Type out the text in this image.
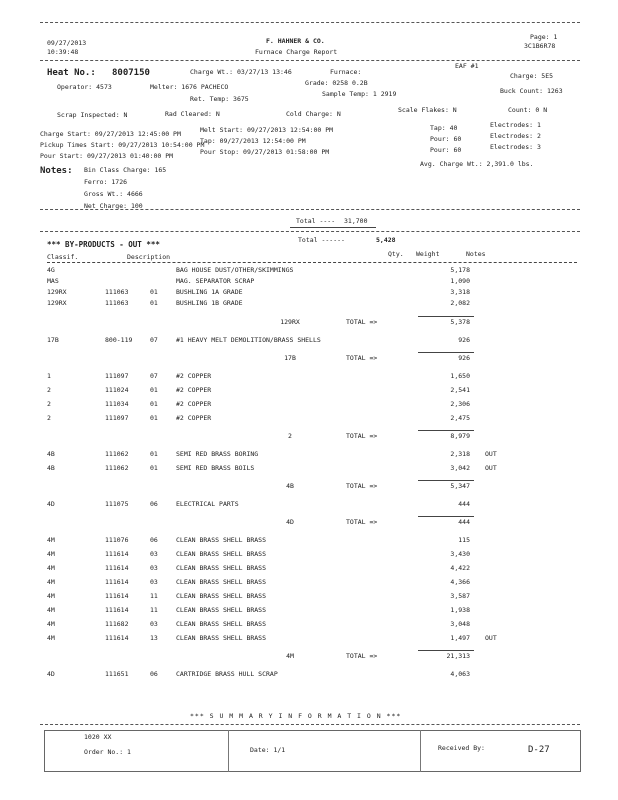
09/27/2013
10:39:48
F. HAHNER & CO.
Furnace Charge Report
Page: 1
3C1B6R78
Heat No.: 8007150	Charge Wt.: 03/27/13 13:46	Furnace:
EAF #1
Charge: 5E5
Operator: 4573	Melter: 1676 PACHECO	Grade: 0258 0.2B
Buck Count: 1263
Sample Temp: 1 2919
Ret. Temp: 3675
Scrap Inspected: N	Rad Cleared: N	Cold Charge: N	Scale Flakes: N	Count: 0 N
Charge Start: 09/27/2013 12:45:00 PM
Pickup Times Start: 09/27/2013 10:54:00 PM
Pour Start: 09/27/2013 01:40:00 PM
Melt Start: 09/27/2013 12:54:00 PM
Tap: 09/27/2013 12:54:00 PM
Pour Stop: 09/27/2013 01:58:00 PM
Tap: 40
Pour: 60
Pour: 60
Electrodes: 1
Electrodes: 2
Electrodes: 3
Avg. Charge Wt.: 2,391.0 lbs.
Notes: Bin Class Charge: 165
Ferro: 1726
Gross Wt.: 4666
Net Charge: 100
Total ---- 31,700
Total ------	5,428
*** BY-PRODUCTS - OUT ***
Classif.	Description	Qty. Weight	Notes
4G	BAG HOUSE DUST/OTHER/SKIMMINGS	5,178
MAS	MAG. SEPARATOR SCRAP	1,090
129RX	111063	01	BUSHLING 1A GRADE	3,318
129RX	111063	01	BUSHLING 1B GRADE	2,082
129RX	TOTAL =>	5,378
17B	800-119	07	#1 HEAVY MELT DEMOLITION/BRASS SHELLS	926
17B	TOTAL =>	926
1	111097	07	#2 COPPER	1,650
2	111024	01	#2 COPPER	2,541
2	111034	01	#2 COPPER	2,306
2	111097	01	#2 COPPER	2,475
2	TOTAL =>	8,979
4B	111062	01	SEMI RED BRASS BORING	2,318 OUT
4B	111062	01	SEMI RED BRASS BOILS	3,042 OUT
4B	TOTAL =>	5,347
4D	111075	06	ELECTRICAL PARTS	444
4D	TOTAL =>	444
4M	111076	06	CLEAN BRASS SHELL BRASS	115
4M	111614	03	CLEAN BRASS SHELL BRASS	3,430
4M	111614	03	CLEAN BRASS SHELL BRASS	4,422
4M	111614	03	CLEAN BRASS SHELL BRASS	4,366
4M	111614	11	CLEAN BRASS SHELL BRASS	3,587
4M	111614	11	CLEAN BRASS SHELL BRASS	1,938
4M	111682	03	CLEAN BRASS SHELL BRASS	3,048
4M	111614	13	CLEAN BRASS SHELL BRASS	1,497 OUT
4M	TOTAL =>	21,313
4D	111651	06	CARTRIDGE BRASS HULL SCRAP	4,063
*** S U M M A R Y I N F O R M A T I O N ***
1020 XX
Order No.: 1	Date: 1/1	Received By:	D-27
